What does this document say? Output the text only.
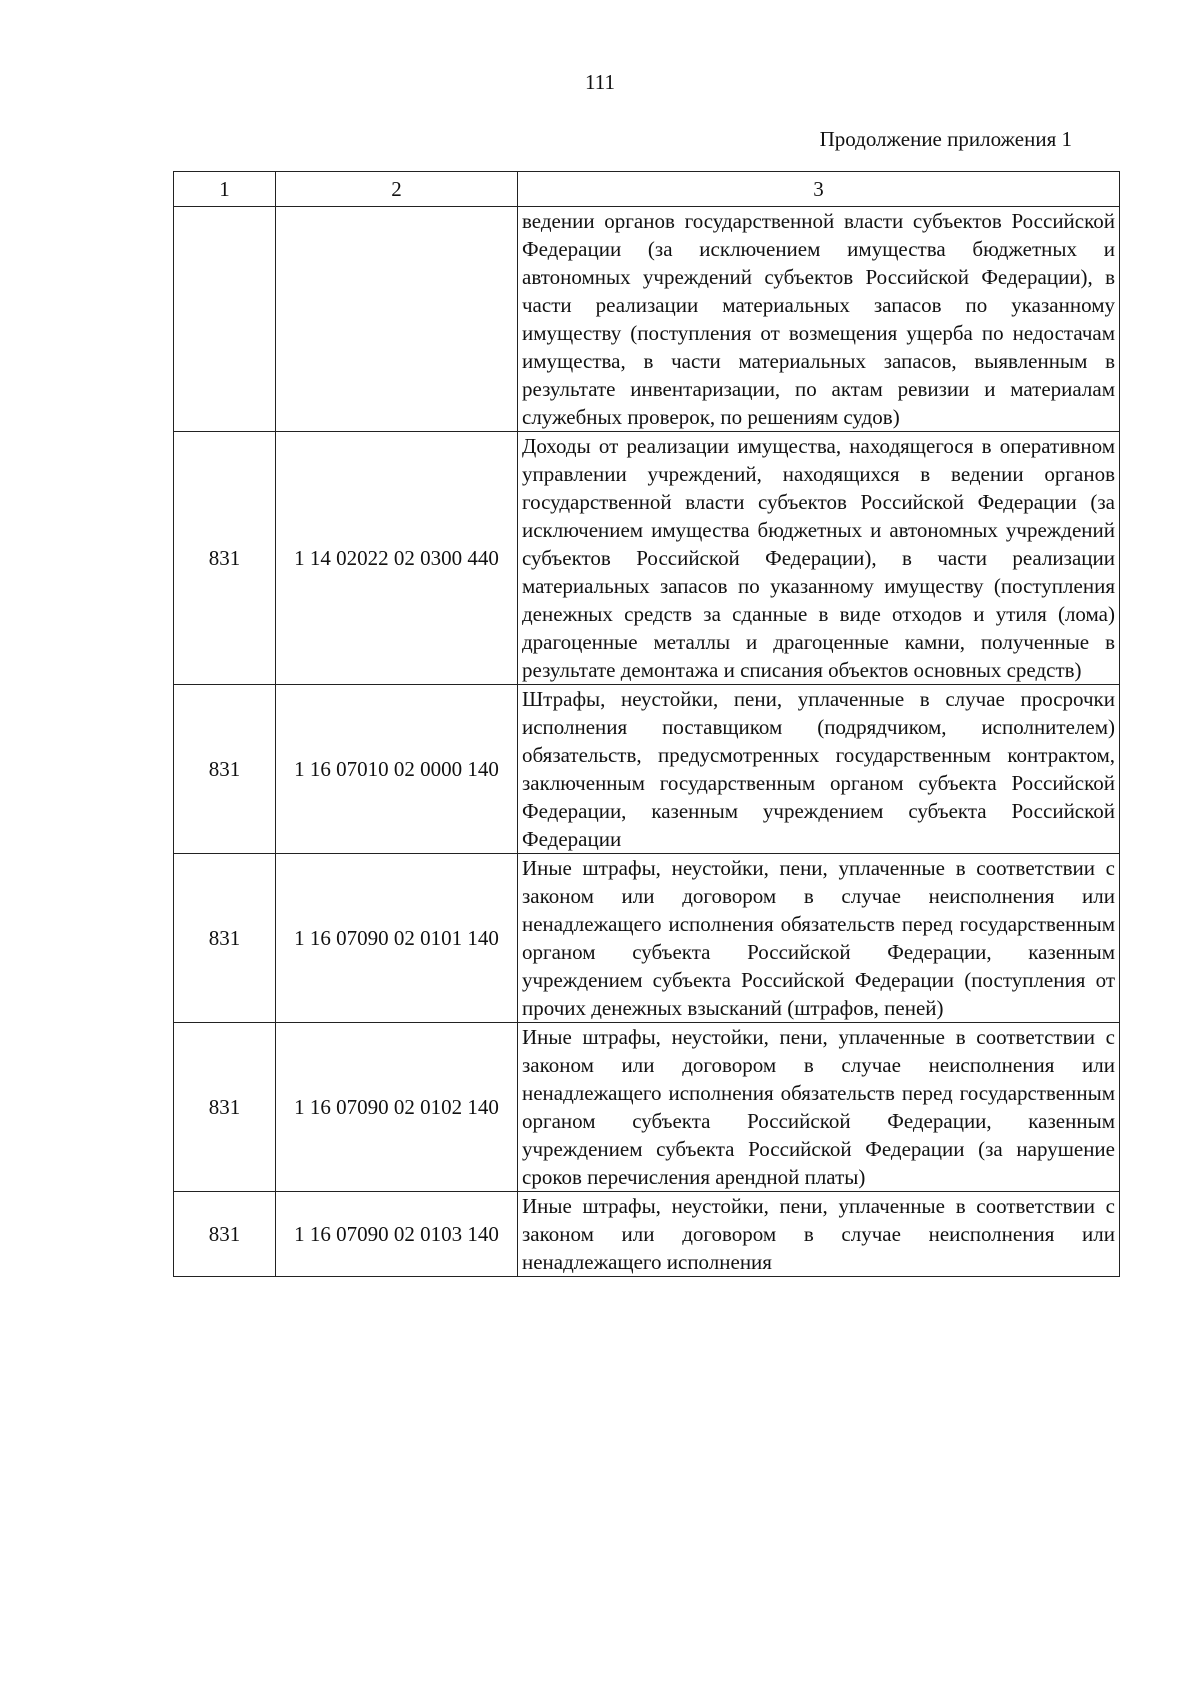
111
Продолжение приложения 1
1	2	3
		ведении органов государственной власти субъектов Российской Федерации (за исключением имущества бюджетных и автономных учреждений субъектов Российской Федерации), в части реализации материальных запасов по указанному имуществу (поступления от возмещения ущерба по недостачам имущества, в части материальных запасов, выявленным в результате инвентаризации, по актам ревизии и материалам служебных проверок, по решениям судов)
831	1 14 02022 02 0300 440	Доходы от реализации имущества, находящегося в оперативном управлении учреждений, находящихся в ведении органов государственной власти субъектов Российской Федерации (за исключением имущества бюджетных и автономных учреждений субъектов Российской Федерации), в части реализации материальных запасов по указанному имуществу (поступления денежных средств за сданные в виде отходов и утиля (лома) драгоценные металлы и драгоценные камни, полученные в результате демонтажа и списания объектов основных средств)
831	1 16 07010 02 0000 140	Штрафы, неустойки, пени, уплаченные в случае просрочки исполнения поставщиком (подрядчиком, исполнителем) обязательств, предусмотренных государственным контрактом, заключенным государственным органом субъекта Российской Федерации, казенным учреждением субъекта Российской Федерации
831	1 16 07090 02 0101 140	Иные штрафы, неустойки, пени, уплаченные в соответствии с законом или договором в случае неисполнения или ненадлежащего исполнения обязательств перед государственным органом субъекта Российской Федерации, казенным учреждением субъекта Российской Федерации (поступления от прочих денежных взысканий (штрафов, пеней)
831	1 16 07090 02 0102 140	Иные штрафы, неустойки, пени, уплаченные в соответствии с законом или договором в случае неисполнения или ненадлежащего исполнения обязательств перед государственным органом субъекта Российской Федерации, казенным учреждением субъекта Российской Федерации (за нарушение сроков перечисления арендной платы)
831	1 16 07090 02 0103 140	Иные штрафы, неустойки, пени, уплаченные в соответствии с законом или договором в случае неисполнения или ненадлежащего исполнения
